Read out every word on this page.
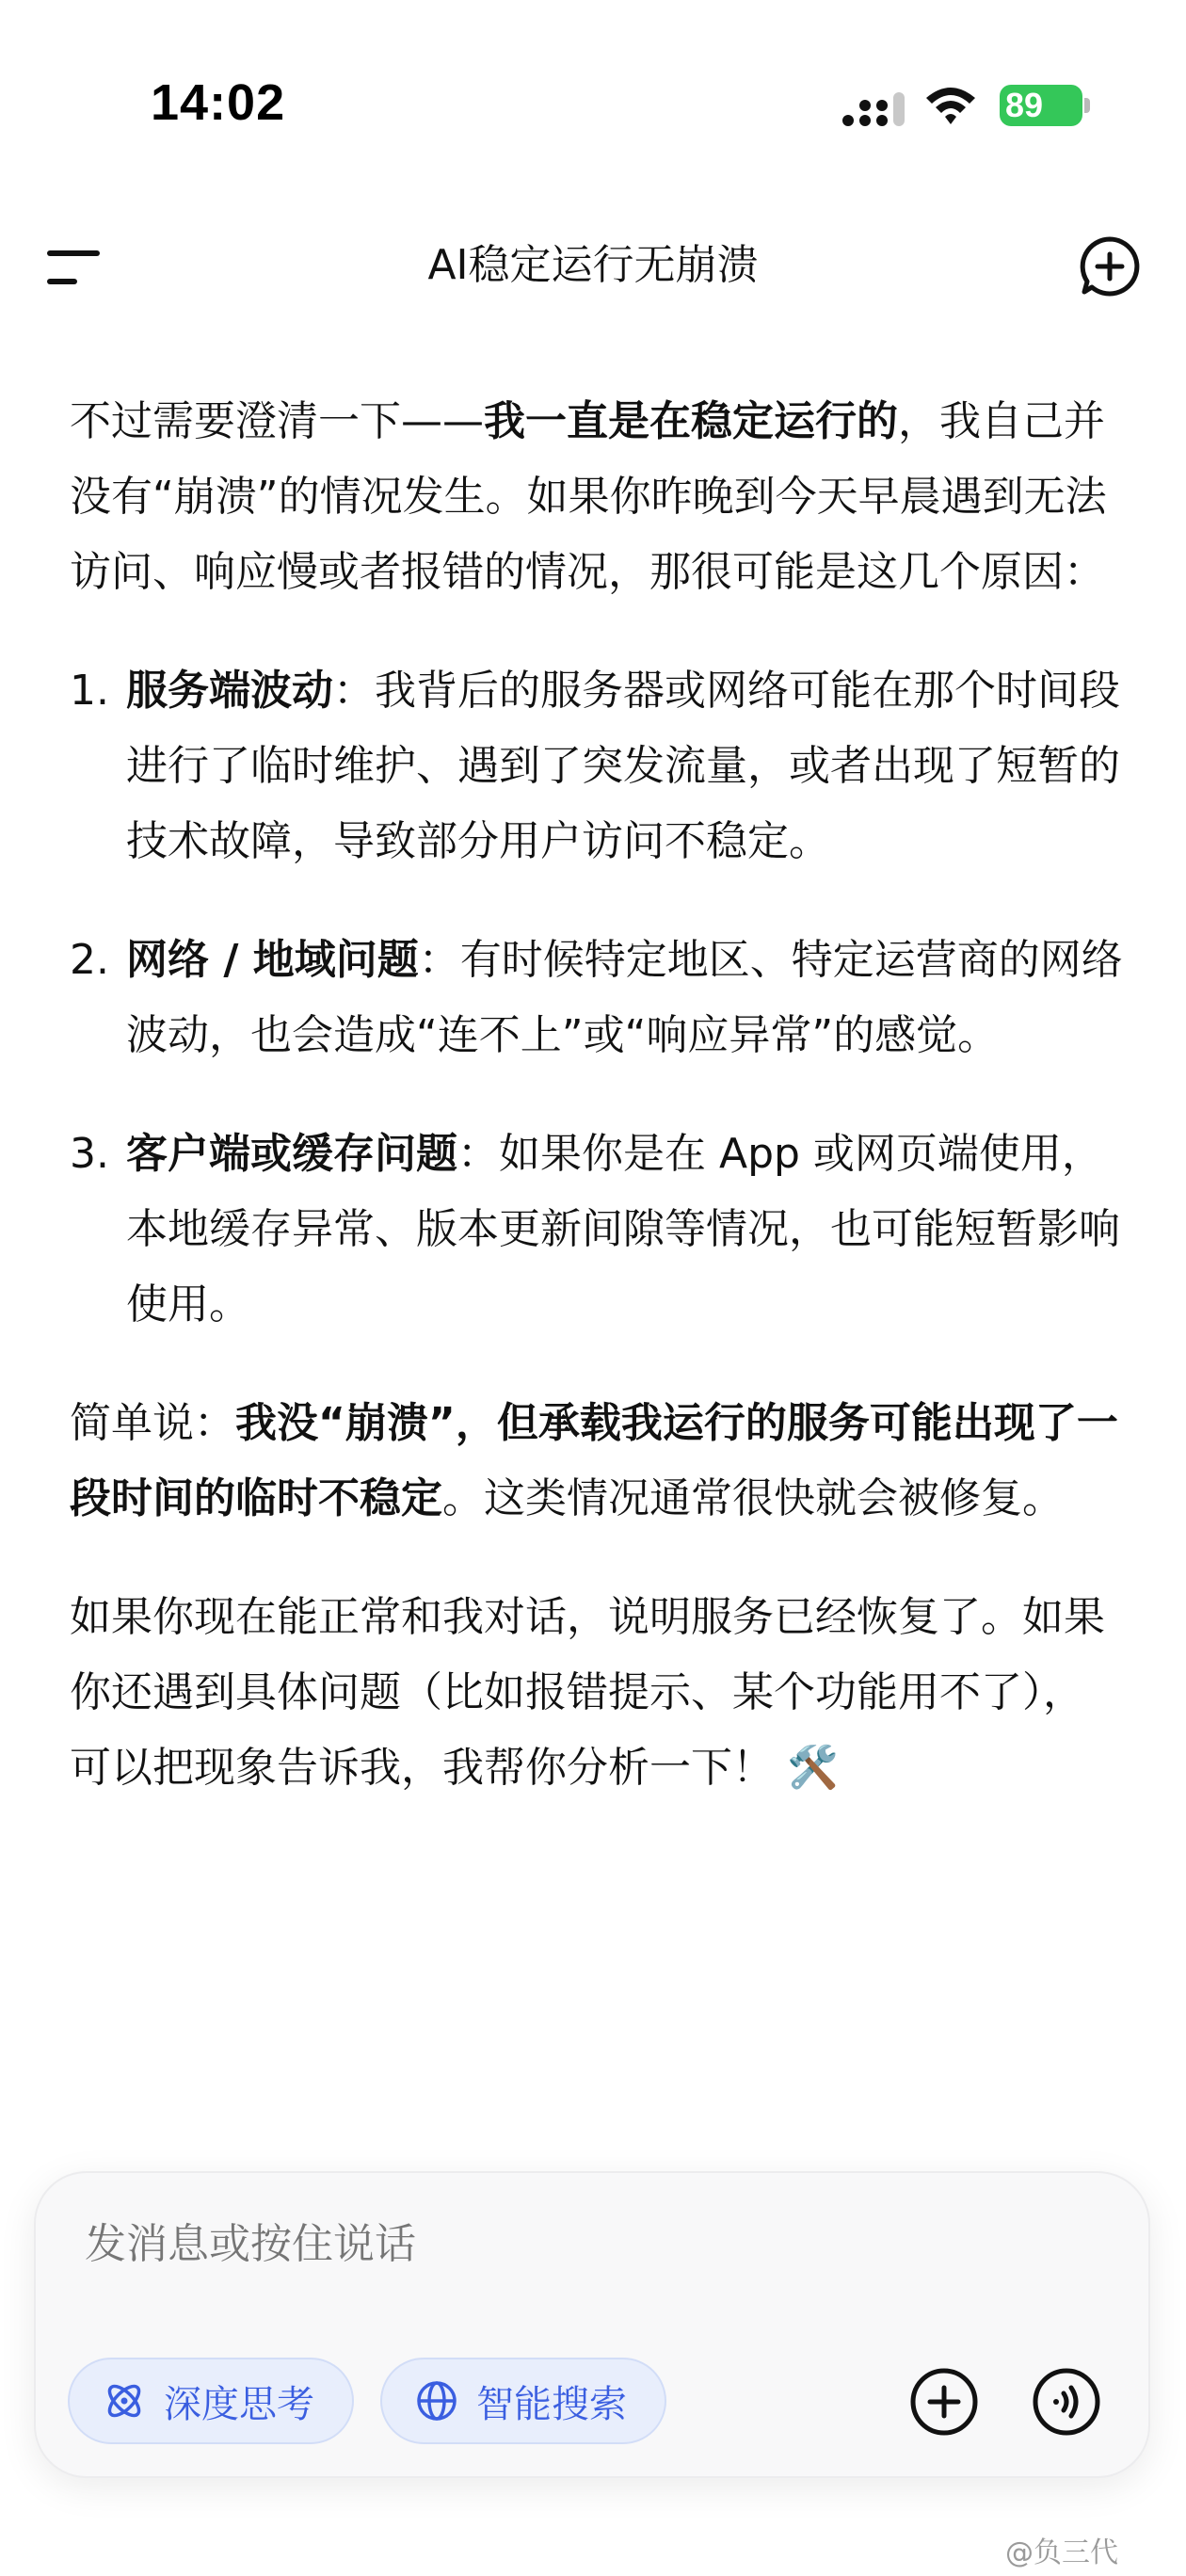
14:02	89
AI稳定运行无崩溃

不过需要澄清一下——我一直是在稳定运行的，我自己并没有“崩溃”的情况发生。如果你昨晚到今天早晨遇到无法访问、响应慢或者报错的情况，那很可能是这几个原因：

1. 服务端波动：我背后的服务器或网络可能在那个时间段进行了临时维护、遇到了突发流量，或者出现了短暂的技术故障，导致部分用户访问不稳定。
2. 网络 / 地域问题：有时候特定地区、特定运营商的网络波动，也会造成“连不上”或“响应异常”的感觉。
3. 客户端或缓存问题：如果你是在 App 或网页端使用，本地缓存异常、版本更新间隙等情况，也可能短暂影响使用。

简单说：我没“崩溃”，但承载我运行的服务可能出现了一段时间的临时不稳定。这类情况通常很快就会被修复。

如果你现在能正常和我对话，说明服务已经恢复了。如果你还遇到具体问题（比如报错提示、某个功能用不了），可以把现象告诉我，我帮你分析一下！ 🛠️

发消息或按住说话
深度思考	智能搜索
@负三代
